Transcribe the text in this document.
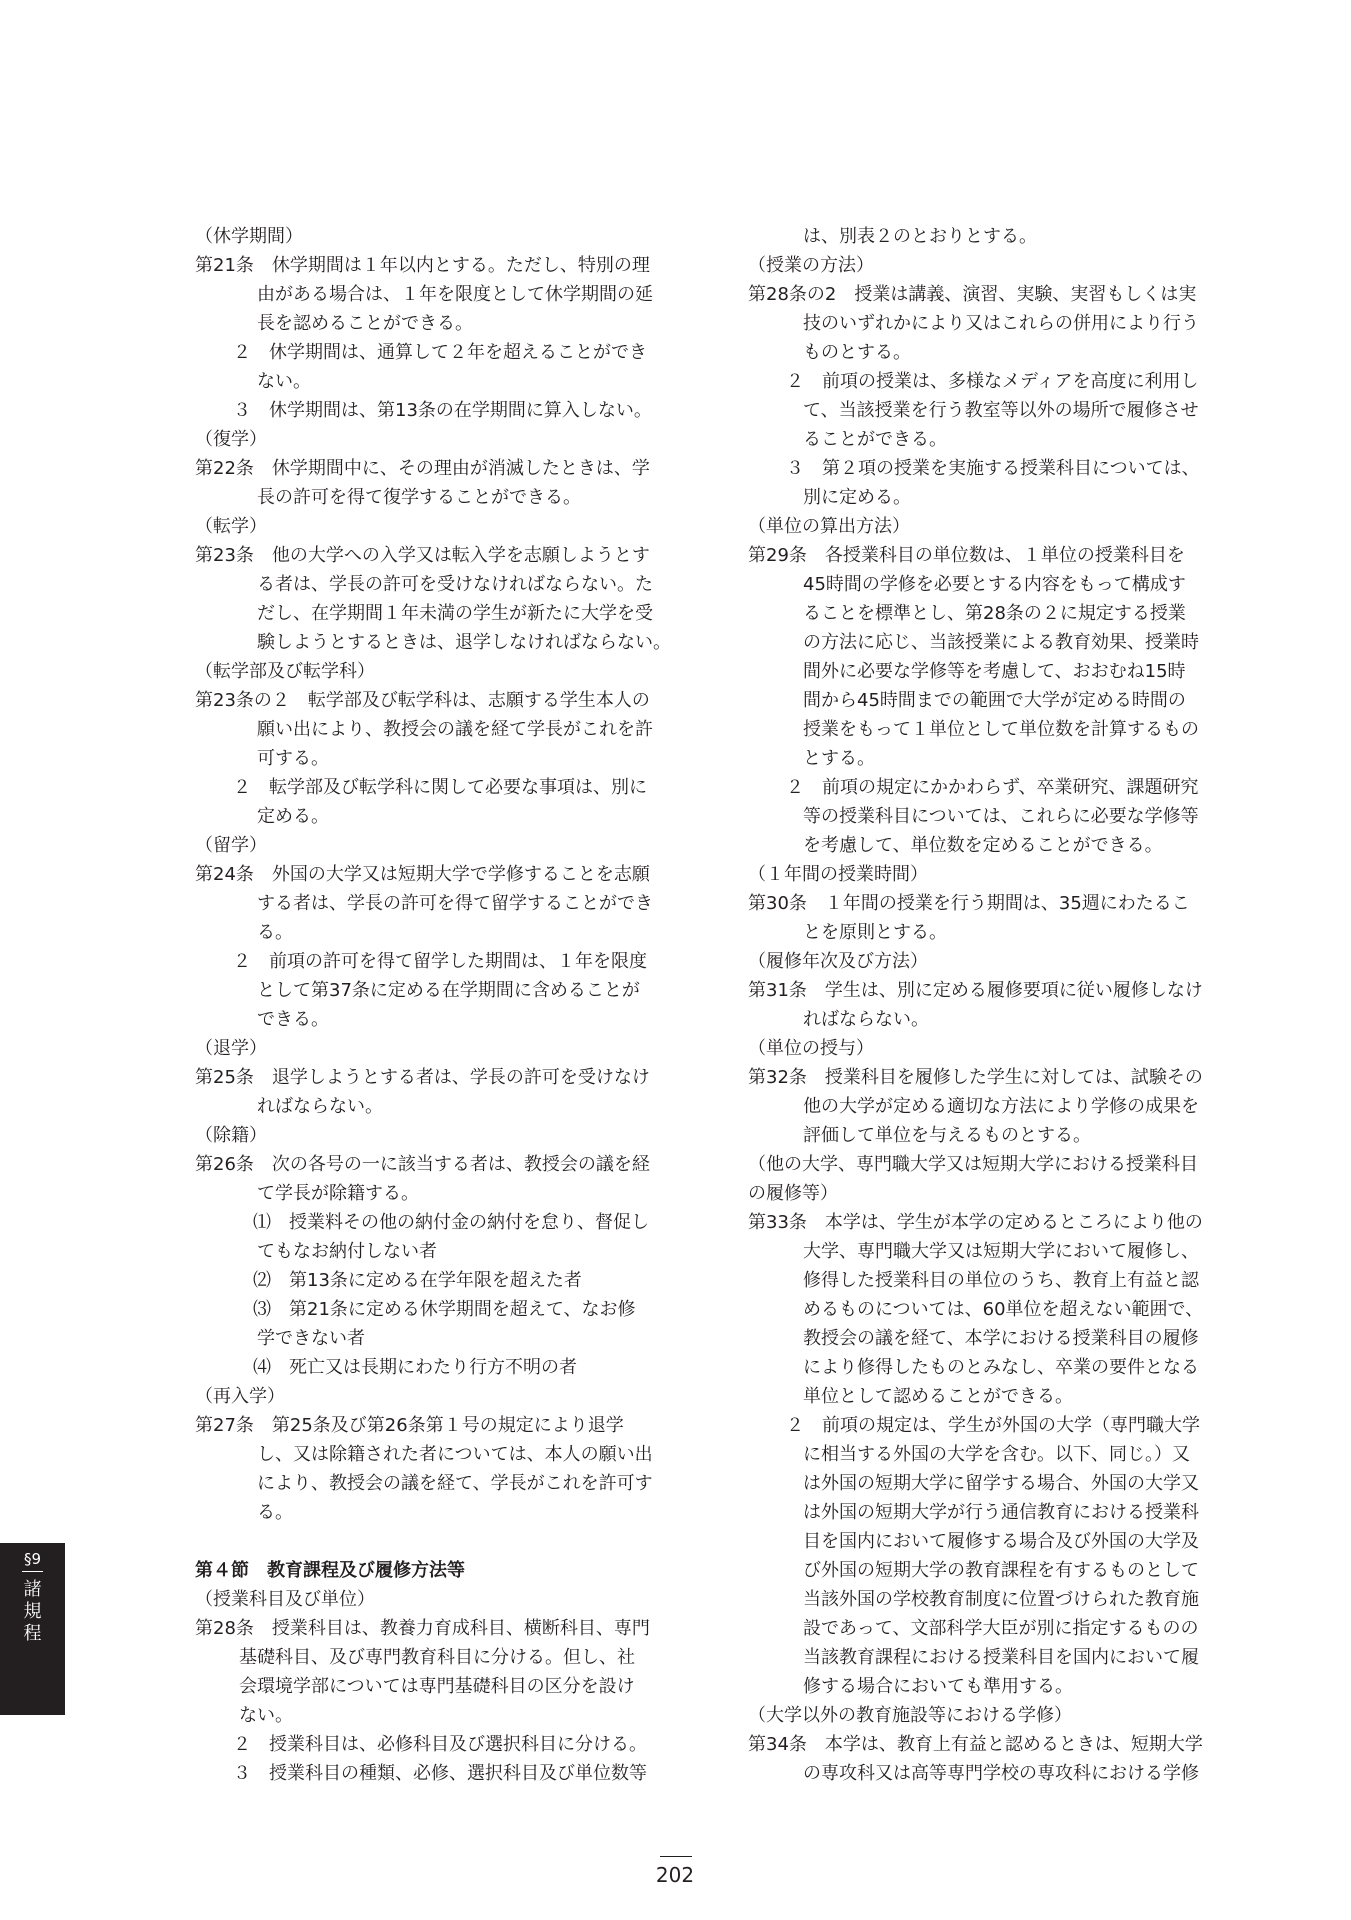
（休学期間）
第21条　休学期間は１年以内とする。ただし、特別の理
由がある場合は、１年を限度として休学期間の延
長を認めることができる。
２　休学期間は、通算して２年を超えることができ
ない。
３　休学期間は、第13条の在学期間に算入しない。
（復学）
第22条　休学期間中に、その理由が消滅したときは、学
長の許可を得て復学することができる。
（転学）
第23条　他の大学への入学又は転入学を志願しようとす
る者は、学長の許可を受けなければならない。た
だし、在学期間１年未満の学生が新たに大学を受
験しようとするときは、退学しなければならない。
（転学部及び転学科）
第23条の２　転学部及び転学科は、志願する学生本人の
願い出により、教授会の議を経て学長がこれを許
可する。
２　転学部及び転学科に関して必要な事項は、別に
定める。
（留学）
第24条　外国の大学又は短期大学で学修することを志願
する者は、学長の許可を得て留学することができ
る。
２　前項の許可を得て留学した期間は、１年を限度
として第37条に定める在学期間に含めることが
できる。
（退学）
第25条　退学しようとする者は、学長の許可を受けなけ
ればならない。
（除籍）
第26条　次の各号の一に該当する者は、教授会の議を経
て学長が除籍する。
⑴　授業料その他の納付金の納付を怠り、督促し
てもなお納付しない者
⑵　第13条に定める在学年限を超えた者
⑶　第21条に定める休学期間を超えて、なお修
学できない者
⑷　死亡又は長期にわたり行方不明の者
（再入学）
第27条　第25条及び第26条第１号の規定により退学
し、又は除籍された者については、本人の願い出
により、教授会の議を経て、学長がこれを許可す
る。
第４節　教育課程及び履修方法等
（授業科目及び単位）
第28条　授業科目は、教養力育成科目、横断科目、専門
基礎科目、及び専門教育科目に分ける。但し、社
会環境学部については専門基礎科目の区分を設け
ない。
２　授業科目は、必修科目及び選択科目に分ける。
３　授業科目の種類、必修、選択科目及び単位数等
は、別表２のとおりとする。
（授業の方法）
第28条の2　授業は講義、演習、実験、実習もしくは実
技のいずれかにより又はこれらの併用により行う
ものとする。
２　前項の授業は、多様なメディアを高度に利用し
て、当該授業を行う教室等以外の場所で履修させ
ることができる。
３　第２項の授業を実施する授業科目については、
別に定める。
（単位の算出方法）
第29条　各授業科目の単位数は、１単位の授業科目を
45時間の学修を必要とする内容をもって構成す
ることを標準とし、第28条の２に規定する授業
の方法に応じ、当該授業による教育効果、授業時
間外に必要な学修等を考慮して、おおむね15時
間から45時間までの範囲で大学が定める時間の
授業をもって１単位として単位数を計算するもの
とする。
２　前項の規定にかかわらず、卒業研究、課題研究
等の授業科目については、これらに必要な学修等
を考慮して、単位数を定めることができる。
（１年間の授業時間）
第30条　１年間の授業を行う期間は、35週にわたるこ
とを原則とする。
（履修年次及び方法）
第31条　学生は、別に定める履修要項に従い履修しなけ
ればならない。
（単位の授与）
第32条　授業科目を履修した学生に対しては、試験その
他の大学が定める適切な方法により学修の成果を
評価して単位を与えるものとする。
（他の大学、専門職大学又は短期大学における授業科目
の履修等）
第33条　本学は、学生が本学の定めるところにより他の
大学、専門職大学又は短期大学において履修し、
修得した授業科目の単位のうち、教育上有益と認
めるものについては、60単位を超えない範囲で、
教授会の議を経て、本学における授業科目の履修
により修得したものとみなし、卒業の要件となる
単位として認めることができる。
２　前項の規定は、学生が外国の大学（専門職大学
に相当する外国の大学を含む。以下、同じ。）又
は外国の短期大学に留学する場合、外国の大学又
は外国の短期大学が行う通信教育における授業科
目を国内において履修する場合及び外国の大学及
び外国の短期大学の教育課程を有するものとして
当該外国の学校教育制度に位置づけられた教育施
設であって、文部科学大臣が別に指定するものの
当該教育課程における授業科目を国内において履
修する場合においても準用する。
（大学以外の教育施設等における学修）
第34条　本学は、教育上有益と認めるときは、短期大学
の専攻科又は高等専門学校の専攻科における学修
§9
諸
規
程
202
